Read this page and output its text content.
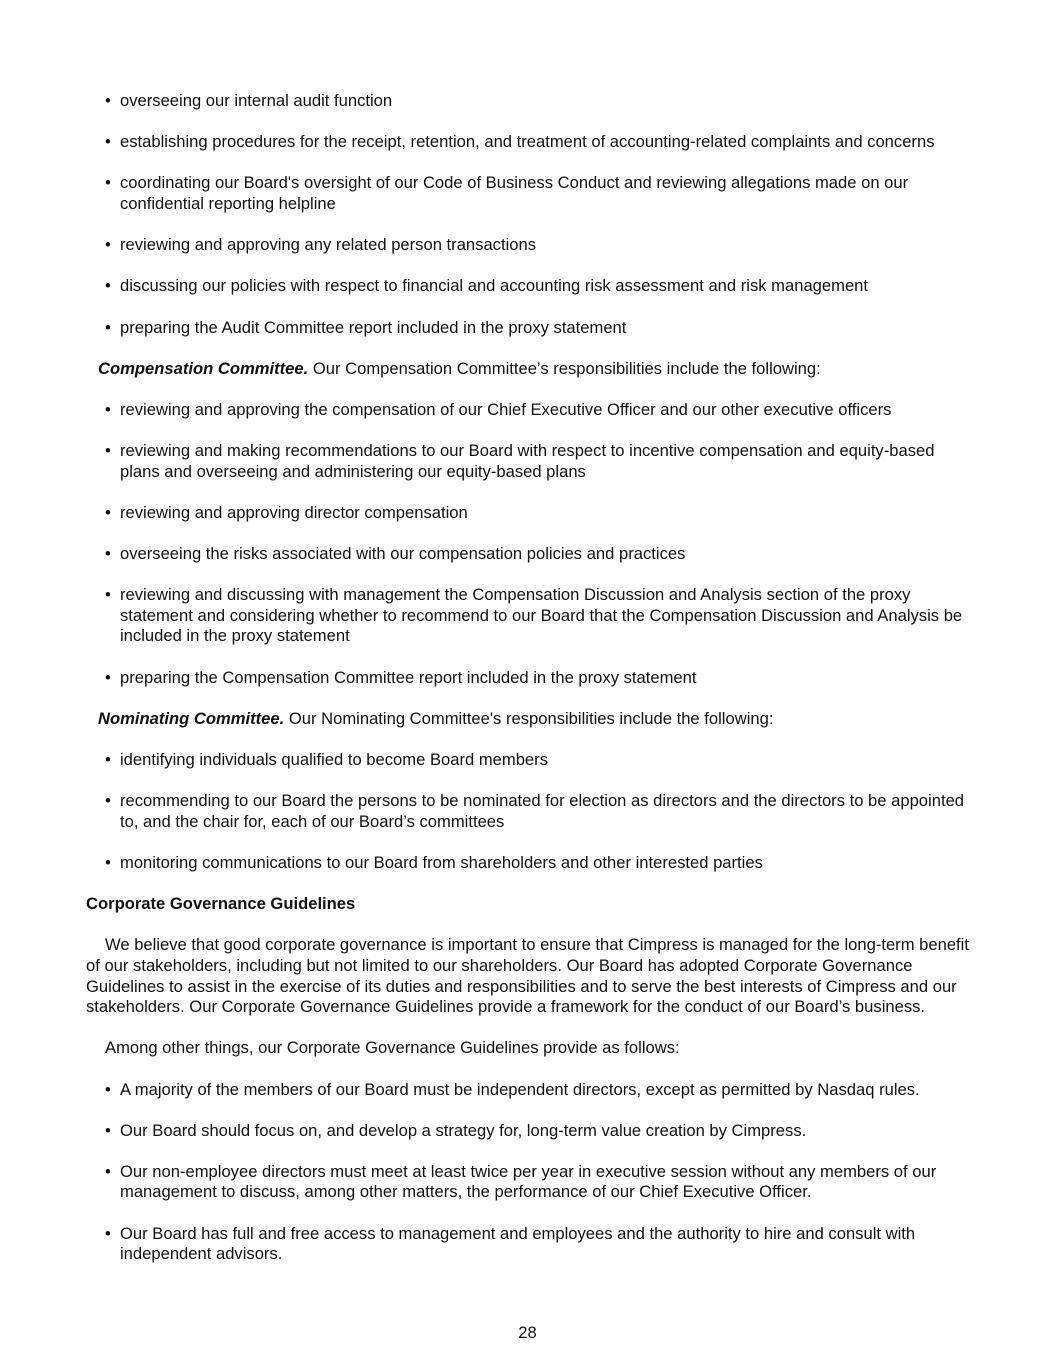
• overseeing our internal audit function
• establishing procedures for the receipt, retention, and treatment of accounting-related complaints and concerns
• coordinating our Board's oversight of our Code of Business Conduct and reviewing allegations made on our confidential reporting helpline
• reviewing and approving any related person transactions
• discussing our policies with respect to financial and accounting risk assessment and risk management
• preparing the Audit Committee report included in the proxy statement
Compensation Committee. Our Compensation Committee’s responsibilities include the following:
• reviewing and approving the compensation of our Chief Executive Officer and our other executive officers
• reviewing and making recommendations to our Board with respect to incentive compensation and equity-based plans and overseeing and administering our equity-based plans
• reviewing and approving director compensation
• overseeing the risks associated with our compensation policies and practices
• reviewing and discussing with management the Compensation Discussion and Analysis section of the proxy statement and considering whether to recommend to our Board that the Compensation Discussion and Analysis be included in the proxy statement
• preparing the Compensation Committee report included in the proxy statement
Nominating Committee. Our Nominating Committee's responsibilities include the following:
• identifying individuals qualified to become Board members
• recommending to our Board the persons to be nominated for election as directors and the directors to be appointed to, and the chair for, each of our Board’s committees
• monitoring communications to our Board from shareholders and other interested parties
Corporate Governance Guidelines
We believe that good corporate governance is important to ensure that Cimpress is managed for the long-term benefit of our stakeholders, including but not limited to our shareholders. Our Board has adopted Corporate Governance Guidelines to assist in the exercise of its duties and responsibilities and to serve the best interests of Cimpress and our stakeholders. Our Corporate Governance Guidelines provide a framework for the conduct of our Board’s business.
Among other things, our Corporate Governance Guidelines provide as follows:
• A majority of the members of our Board must be independent directors, except as permitted by Nasdaq rules.
• Our Board should focus on, and develop a strategy for, long-term value creation by Cimpress.
• Our non-employee directors must meet at least twice per year in executive session without any members of our management to discuss, among other matters, the performance of our Chief Executive Officer.
• Our Board has full and free access to management and employees and the authority to hire and consult with independent advisors.
28
